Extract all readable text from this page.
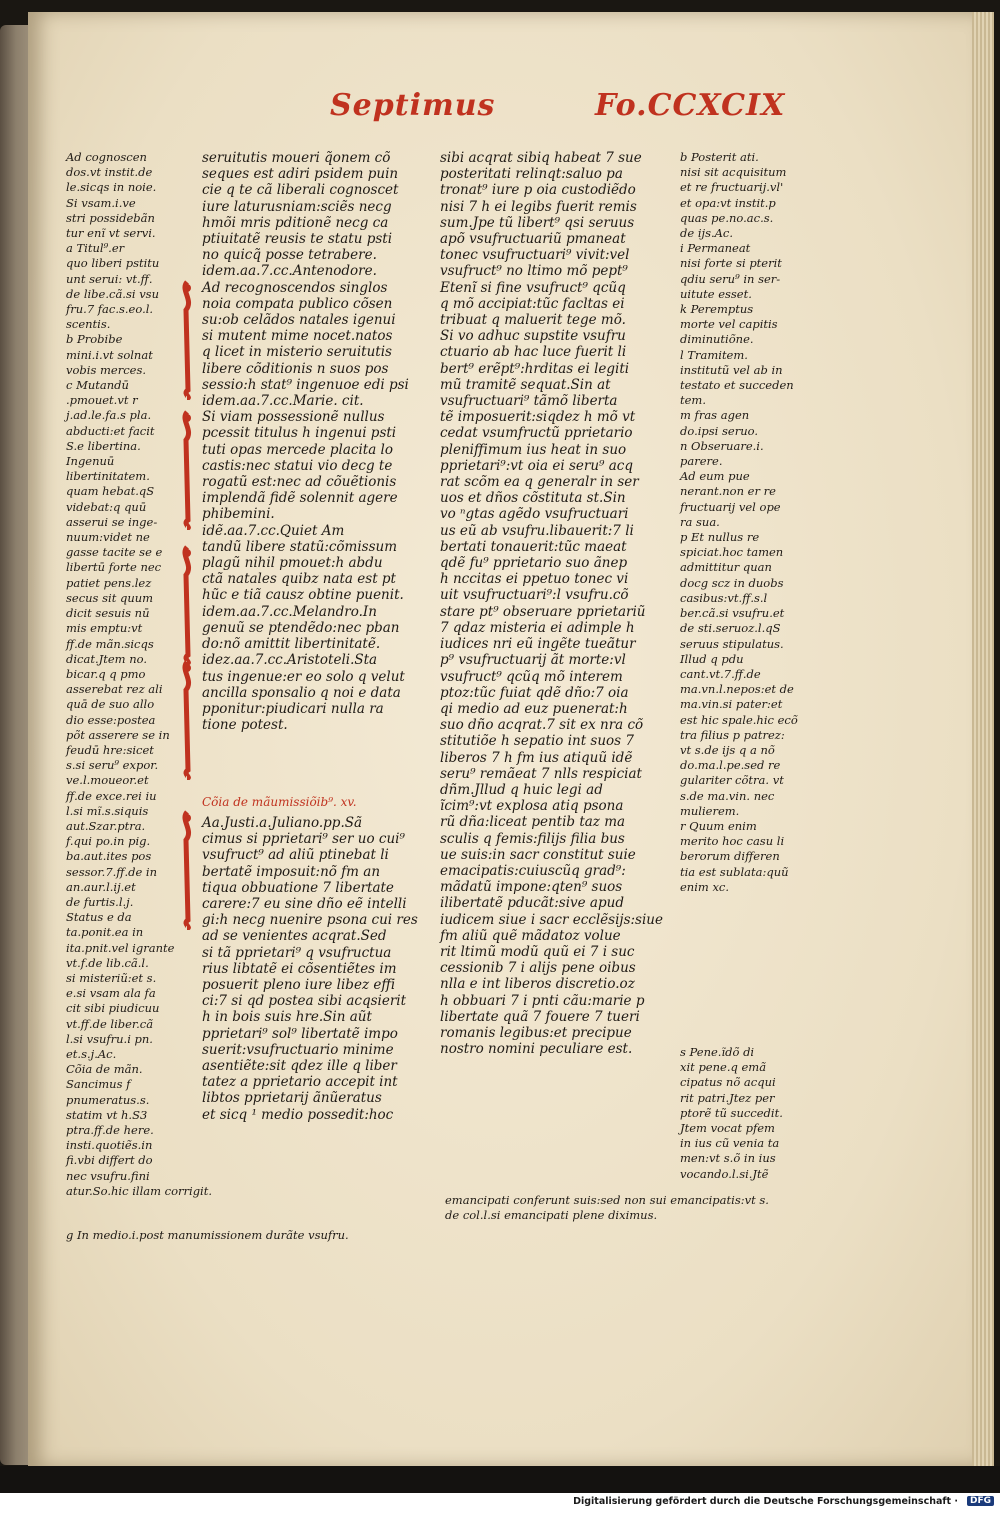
Septimus	Fo.CCXCIX
Ad cognoscen
dos.vt instit.de
le.sicqs in noie.
Si vsam.i.ve
stri possidebãn
tur enĩ vt servi.
a Titul⁹.er
quo liberi pstitu
unt serui: vt.ff.
de libe.cã.si vsu
fru.7 fac.s.eo.l.
scentis.
b Probibe
mini.i.vt solnat
vobis merces.
c Mutandū
.pmouet.vt r
j.ad.le.fa.s pla.
abducti:et facit
S.e libertina.
Ingenuū
libertinitatem.
quam hebat.qS
videbat:q quū
asserui se inge-
nuum:videt ne
gasse tacite se e
libertū forte nec
patiet pens.lez
secus sit quum
dicit sesuis nū
mis emptu:vt
ff.de mãn.sicqs
dicat.Jtem no.
bicar.q q pmo
asserebat rez ali
quā de suo allo
dio esse:postea
põt asserere se in
feudū hre:sicet
s.si seru⁹ expor.
ve.l.moueor.et
ff.de exce.rei iu
l.si mĩ.s.siquis
aut.Szar.ptra.
f.qui po.in pig.
ba.aut.ites pos
sessor.7.ff.de in
an.aur.l.ij.et
de furtis.l.j.
Status e da
ta.ponit.ea in
ita.pnit.vel igrante
vt.f.de lib.cã.l.
si misteriũ:et s.
e.si vsam ala fa
cit sibi piudicuu
vt.ff.de liber.cã
l.si vsufru.i pn.
et.s.j.Ac.
Cõia de mãn.
Sancimus f
pnumeratus.s.
statim vt h.S3
ptra.ff.de here.
insti.quotiẽs.in
fi.vbi differt do
nec vsufru.fini
atur.So.hic illam
seruitutis moueri q̃onem cõ
seques est adiri psidem puin
cie q te cã liberali cognoscet
iure laturusniam:sciẽs necg
hmõi mris pditionẽ necg ca
ptiuitatẽ reusis te statu psti
no quicq̃ posse tetrabere.
idem.aa.7.cc.Antenodore.
Ad recognoscendos singlos
noia compata publico cõsen
su:ob celãdos natales igenui
si mutent mime nocet.natos
q licet in misterio seruitutis
libere cõditionis n suos pos
sessio:h stat⁹ ingenuoe edi psi
idem.aa.7.cc.Marie. cit.
Si viam possessionẽ nullus
pcessit titulus h ingenui psti
tuti opas mercede placita lo
castis:nec statui vio decg te
rogatũ est:nec ad cõuẽtionis
implendã fidẽ solennit agere
phibemini.
idẽ.aa.7.cc.Quiet Am
tandũ libere statũ:cõmissum
plagũ nihil pmouet:h abdu
ctã natales quibz nata est pt
hũc e tiã causz obtine puenit.
idem.aa.7.cc.Melandro.In
genuũ se ptendẽdo:nec pban
do:nõ amittit libertinitatẽ.
idez.aa.7.cc.Aristoteli.Sta
tus ingenue:er eo solo q velut
ancilla sponsalio q noi e data
pponitur:piudicari nulla ra
tione potest.
Cõia de mãumissiõib⁹. xv.
Aa.Justi.a.Juliano.pp.Sã
cimus si pprietari⁹ ser uo cui⁹
vsufruct⁹ ad aliũ ptinebat li
bertatẽ imposuit:nõ fm an
tiqua obbuatione 7 libertate
carere:7 eu sine dño eẽ intelli
gi:h necg nuenire psona cui res
ad se venientes acqrat.Sed
si tã pprietari⁹ q vsufructua
rius libtatẽ ei cõsentiẽtes im
posuerit pleno iure libez effi
ci:7 si qd postea sibi acqsierit
h in bois suis hre.Sin aũt
pprietari⁹ sol⁹ libertatẽ impo
suerit:vsufructuario minime
asentiẽte:sit qdez ille q liber
tatez a pprietario accepit int
libtos pprietarij ãnũeratus
et sicq ¹ medio possedit:hoc
sibi acqrat sibiq habeat 7 sue
posteritati relinqt:saluo pa
tronat⁹ iure p oia custodiẽdo
nisi 7 h ei legibs fuerit remis
sum.Jpe tũ libert⁹ qsi seruus
apõ vsufructuariũ pmaneat
tonec vsufructuari⁹ vivit:vel
vsufruct⁹ no ltimo mõ pept⁹
Etenĩ si fine vsufruct⁹ qcũq
q mõ accipiat:tũc facltas ei
tribuat q maluerit tege mõ.
Si vo adhuc supstite vsufru
ctuario ab hac luce fuerit li
bert⁹ erẽpt⁹:hrditas ei legiti
mũ tramitẽ sequat.Sin at
vsufructuari⁹ tãmõ liberta
tẽ imposuerit:siqdez h mõ vt
cedat vsumfructũ pprietario
pleniffimum ius heat in suo
pprietari⁹:vt oia ei seru⁹ acq
rat scõm ea q generalr in ser
uos et dños cõstituta st.Sin
vo ⁿgtas agẽdo vsufructuari
us eũ ab vsufru.libauerit:7 li
bertati tonauerit:tũc maeat
qdẽ fu⁹ pprietario suo ãnep
h nccitas ei ppetuo tonec vi
uit vsufructuari⁹:l vsufru.cõ
stare pt⁹ obseruare pprietariũ
7 qdaz misteria ei adimple h
iudices nri eũ ingẽte tueãtur
p⁹ vsufructuarij ãt morte:vl
vsufruct⁹ qcũq mõ interem
ptoz:tũc fuiat qdẽ dño:7 oia
qi medio ad euz puenerat:h
suo dño acqrat.7 sit ex nra cõ
stitutiõe h sepatio int suos 7
liberos 7 h fm ius atiquũ idẽ
seru⁹ remãeat 7 nlls respiciat
dñm.Jllud q huic legi ad
ĩcim⁹:vt explosa atiq psona
rũ dña:liceat pentib taz ma
sculis q femis:filijs filia bus
ue suis:in sacr constitut suie
emacipatis:cuiuscũq grad⁹:
mãdatũ impone:qten⁹ suos
ilibertatẽ pducãt:sive apud
iudicem siue i sacr ecclẽsijs:siue
fm aliũ quẽ mãdatoz volue
rit ltimũ modũ quũ ei 7 i suc
cessionib 7 i alijs pene oibus
nlla e int liberos discretio.oz
h obbuari 7 i pnti cãu:marie p
libertate quã 7 fouere 7 tueri
romanis legibus:et precipue
nostro nomini peculiare est.
b Posterit ati.
nisi sit acquisitum
et re fructuarij.vl'
et opa:vt instit.p
quas pe.no.ac.s.
de ijs.Ac.
i Permaneat
nisi forte si pterit
qdiu seru⁹ in ser-
uitute esset.
k Peremptus
morte vel capitis
diminutiõne.
l Tramitem.
institutũ vel ab in
testato et succeden
tem.
m fras agen
do.ipsi seruo.
n Obseruare.i.
parere.
Ad eum pue
nerant.non er re
fructuarij vel ope
ra sua.
p Et nullus re
spiciat.hoc tamen
admittitur quan
docg scz in duobs
casibus:vt.ff.s.l
ber.cã.si vsufru.et
de sti.seruoz.l.qS
seruus stipulatus.
Illud q pdu
cant.vt.7.ff.de
ma.vn.l.nepos:et de
ma.vin.si pater:et
est hic spale.hic ecõ
tra filius p patrez:
vt s.de ijs q a nõ
do.ma.l.pe.sed re
gulariter cõtra. vt
s.de ma.vin. nec
mulierem.
r Quum enim
merito hoc casu li
berorum differen
tia est sublata:quũ
enim xc.
s Pene.ĩdõ di
xit pene.q emã
cipatus nõ acqui
rit patri.Jtez per
ptorẽ tũ succedit.
Jtem vocat pfem
in ius cũ venia ta
men:vt s.õ in ius
vocando.l.si.Jtẽ
emancipati conferunt suis:sed non sui emancipatis:vt s.
de col.l.si emancipati plene diximus.
g In medio.i.post manumissionem durãte vsufru.
Digitalisierung gefördert durch die Deutsche Forschungsgemeinschaft ·	DFG
